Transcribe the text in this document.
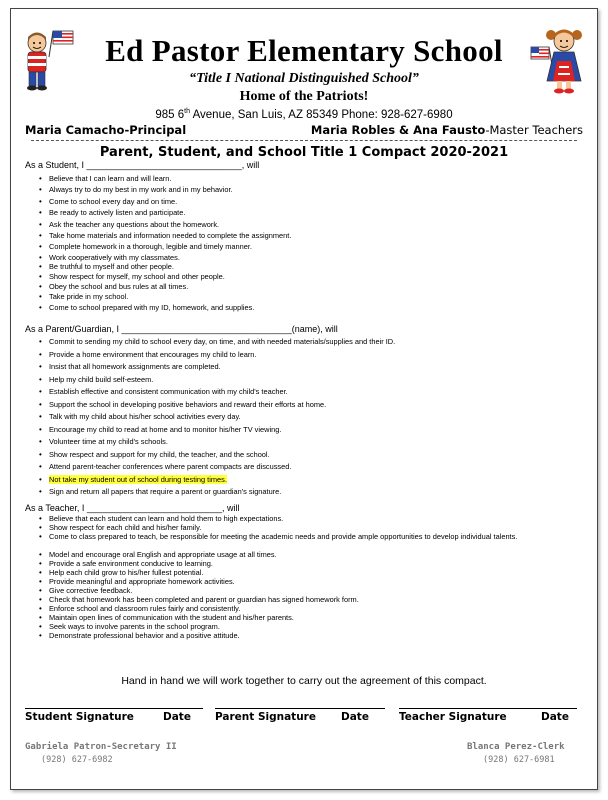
Ed Pastor Elementary School
“Title I National Distinguished School”
Home of the Patriots!
985 6th Avenue, San Luis, AZ 85349 Phone: 928-627-6980
Maria Camacho-Principal	Maria Robles & Ana Fausto-Master Teachers
Parent, Student, and School Title 1 Compact 2020-2021
As a Student, I _______________________________, will
• Believe that I can learn and will learn.
• Always try to do my best in my work and in my behavior.
• Come to school every day and on time.
• Be ready to actively listen and participate.
• Ask the teacher any questions about the homework.
• Take home materials and information needed to complete the assignment.
• Complete homework in a thorough, legible and timely manner.
• Work cooperatively with my classmates.
• Be truthful to myself and other people.
• Show respect for myself, my school and other people.
• Obey the school and bus rules at all times.
• Take pride in my school.
• Come to school prepared with my ID, homework, and supplies.
As a Parent/Guardian, I __________________________________(name), will
• Commit to sending my child to school every day, on time, and with needed materials/supplies and their ID.
• Provide a home environment that encourages my child to learn.
• Insist that all homework assignments are completed.
• Help my child build self-esteem.
• Establish effective and consistent communication with my child's teacher.
• Support the school in developing positive behaviors and reward their efforts at home.
• Talk with my child about his/her school activities every day.
• Encourage my child to read at home and to monitor his/her TV viewing.
• Volunteer time at my child's schools.
• Show respect and support for my child, the teacher, and the school.
• Attend parent-teacher conferences where parent compacts are discussed.
• Not take my student out of school during testing times.
• Sign and return all papers that require a parent or guardian's signature.
As a Teacher, I ___________________________, will
• Believe that each student can learn and hold them to high expectations.
• Show respect for each child and his/her family.
• Come to class prepared to teach, be responsible for meeting the academic needs and provide ample opportunities to develop individual talents.
• Model and encourage oral English and appropriate usage at all times.
• Provide a safe environment conducive to learning.
• Help each child grow to his/her fullest potential.
• Provide meaningful and appropriate homework activities.
• Give corrective feedback.
• Check that homework has been completed and parent or guardian has signed homework form.
• Enforce school and classroom rules fairly and consistently.
• Maintain open lines of communication with the student and his/her parents.
• Seek ways to involve parents in the school program.
• Demonstrate professional behavior and a positive attitude.
Hand in hand we will work together to carry out the agreement of this compact.
Student Signature	Date Parent Signature Date	Teacher Signature	Date
Gabriela Patron-Secretary II
(928) 627-6982
Blanca Perez-Clerk
(928) 627-6981
